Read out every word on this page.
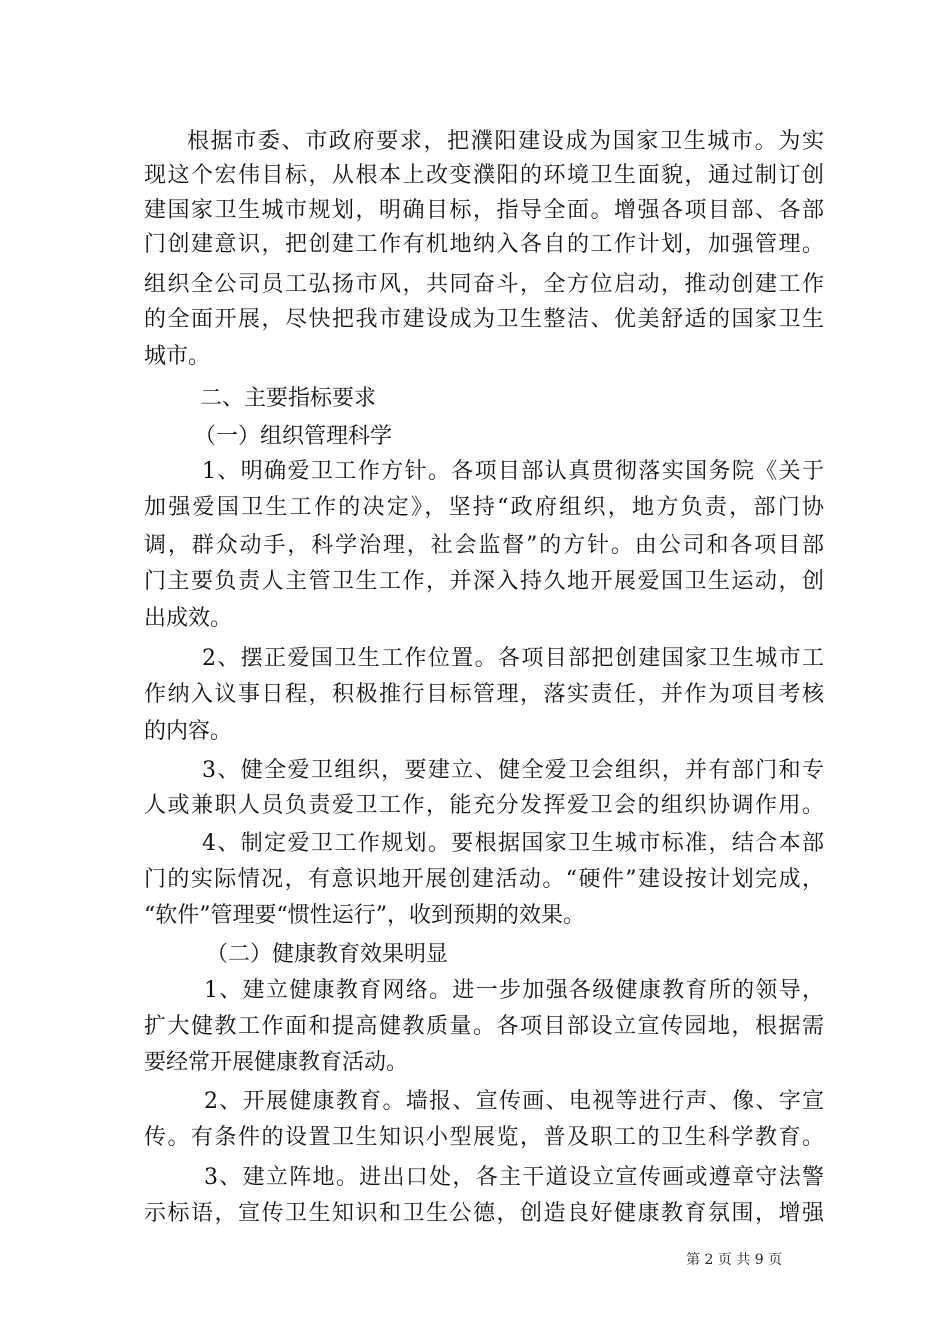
根据市委、市政府要求，把濮阳建设成为国家卫生城市。为实
现这个宏伟目标，从根本上改变濮阳的环境卫生面貌，通过制订创
建国家卫生城市规划，明确目标，指导全面。增强各项目部、各部
门创建意识，把创建工作有机地纳入各自的工作计划，加强管理。
组织全公司员工弘扬市风，共同奋斗，全方位启动，推动创建工作
的全面开展，尽快把我市建设成为卫生整洁、优美舒适的国家卫生
城市。
二、主要指标要求
（一）组织管理科学
1、明确爱卫工作方针。各项目部认真贯彻落实国务院《关于
加强爱国卫生工作的决定》，坚持“政府组织，地方负责，部门协
调，群众动手，科学治理，社会监督”的方针。由公司和各项目部
门主要负责人主管卫生工作，并深入持久地开展爱国卫生运动，创
出成效。
2、摆正爱国卫生工作位置。各项目部把创建国家卫生城市工
作纳入议事日程，积极推行目标管理，落实责任，并作为项目考核
的内容。
3、健全爱卫组织，要建立、健全爱卫会组织，并有部门和专
人或兼职人员负责爱卫工作，能充分发挥爱卫会的组织协调作用。
4、制定爱卫工作规划。要根据国家卫生城市标准，结合本部
门的实际情况，有意识地开展创建活动。“硬件”建设按计划完成，
“软件”管理要“惯性运行”，收到预期的效果。
（二）健康教育效果明显
1、建立健康教育网络。进一步加强各级健康教育所的领导，
扩大健教工作面和提高健教质量。各项目部设立宣传园地，根据需
要经常开展健康教育活动。
2、开展健康教育。墙报、宣传画、电视等进行声、像、字宣
传。有条件的设置卫生知识小型展览，普及职工的卫生科学教育。
3、建立阵地。进出口处，各主干道设立宣传画或遵章守法警
示标语，宣传卫生知识和卫生公德，创造良好健康教育氛围，增强
第 2 页 共 9 页
